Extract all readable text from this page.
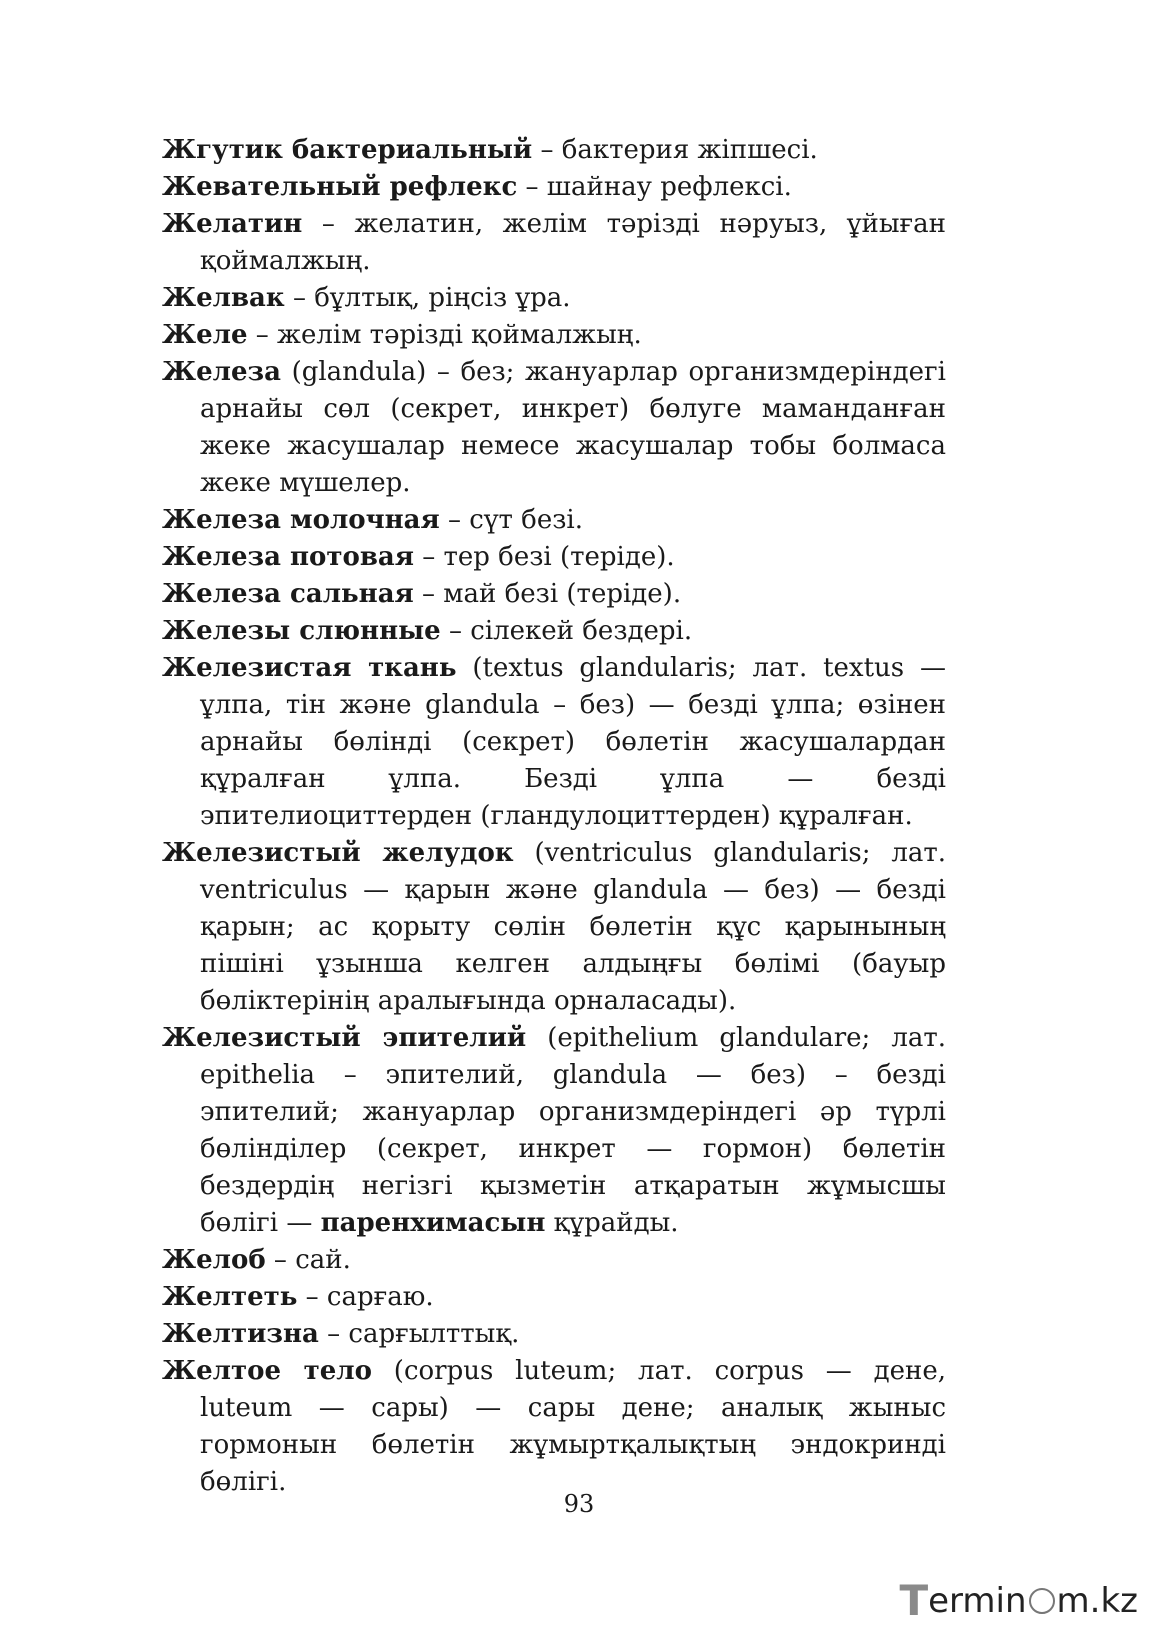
Жгутик бактериальный – бактерия жіпшесі.

Жевательный рефлекс – шайнау рефлексі.

Желатин – желатин, желім тәрізді нәруыз, ұйыған қоймалжың.

Желвак – бұлтық, ріңсіз ұра.

Желе – желім тәрізді қоймалжың.

Железа (glandula) – без; жануарлар организмдеріндегі арнайы сөл (секрет, инкрет) бөлуге маманданған жеке жасушалар немесе жасушалар тобы болмаса жеке мүшелер.

Железа молочная – сүт безі.

Железа потовая – тер безі (теріде).

Железа сальная – май безі (теріде).

Железы слюнные – сілекей бездері.

Железистая ткань (textus glandularis; лат. textus — ұлпа, тін және glandula – без) — безді ұлпа; өзінен арнайы бөлінді (секрет) бөлетін жасушалардан құралған ұлпа. Безді ұлпа — безді эпителиоциттерден (гландулоциттерден) құралған.

Железистый желудок (ventriculus glandularis; лат. ventriculus — қарын және glandula — без) — безді қарын; ас қорыту сөлін бөлетін құс қарынының пішіні ұзынша келген алдыңғы бөлімі (бауыр бөліктерінің аралығында орналасады).

Железистый эпителий (epithelium glandulare; лат. epithelia – эпителий, glandula — без) – безді эпителий; жануарлар организмдеріндегі әр түрлі бөліндiлер (секрет, инкрет — гормон) бөлетін бездердің негізгі қызметін атқаратын жұмысшы бөлігі — паренхимасын құрайды.

Желоб – сай.

Желтеть – сарғаю.

Желтизна – сарғылттық.

Желтое тело (corpus luteum; лат. corpus — дене, luteum — сары) — сары дене; аналық жыныс гормонын бөлетін жұмыртқалықтың эндокринді бөлігі.

93
T ermin m.kz
